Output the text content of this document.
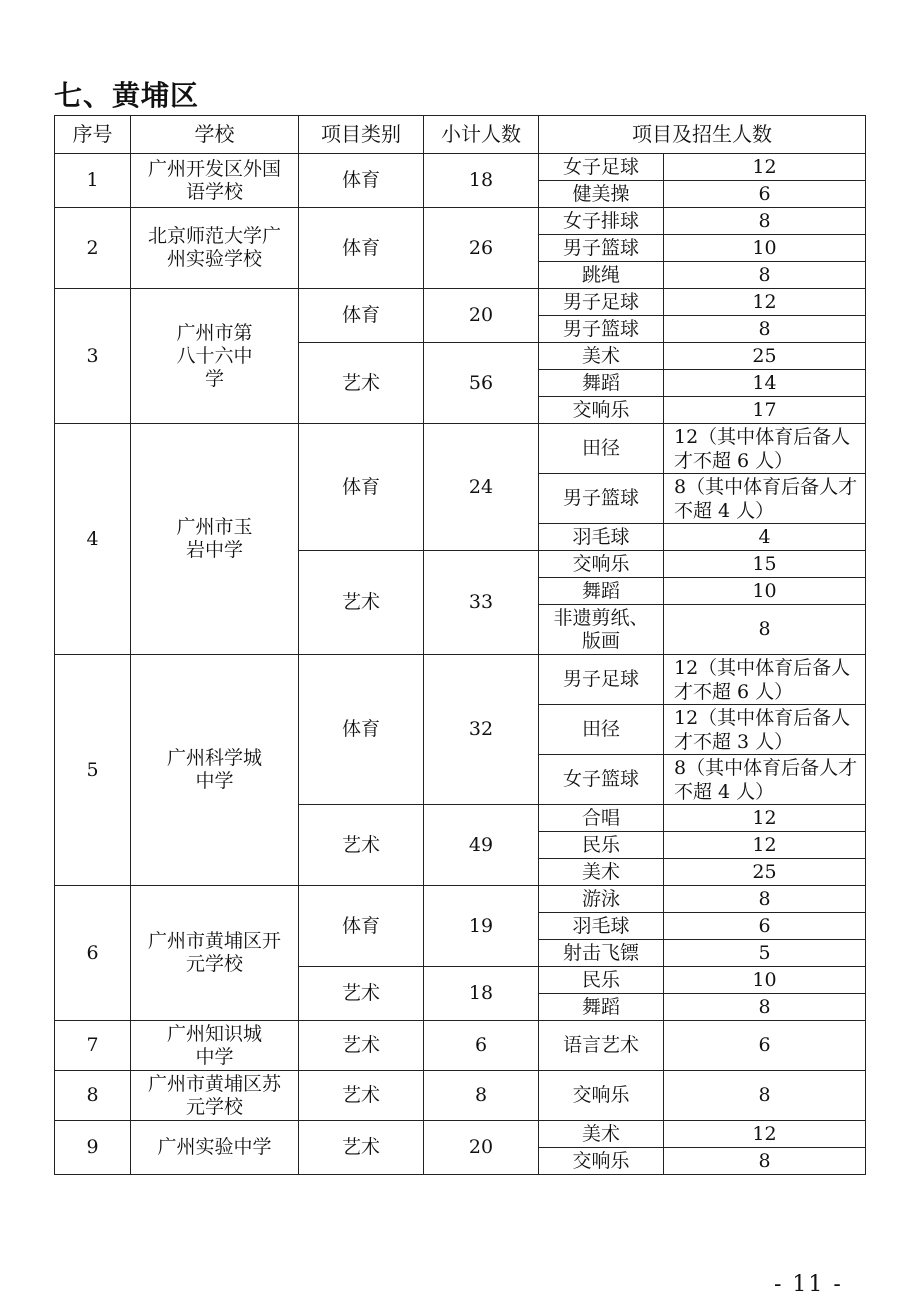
七、黄埔区
序号	学校	项目类别	小计人数	项目及招生人数	
1	广州开发区外国语学校	体育	18	女子足球	12
				健美操	6
2	北京师范大学广州实验学校	体育	26	女子排球	8
				男子篮球	10
				跳绳	8
3	广州市第八十六中学	体育	20	男子足球	12
				男子篮球	8
		艺术	56	美术	25
				舞蹈	14
				交响乐	17
4	广州市玉岩中学	体育	24	田径	12（其中体育后备人才不超 6 人）
				男子篮球	8（其中体育后备人才不超 4 人）
				羽毛球	4
		艺术	33	交响乐	15
				舞蹈	10
				非遗剪纸、版画	8
5	广州科学城中学	体育	32	男子足球	12（其中体育后备人才不超 6 人）
				田径	12（其中体育后备人才不超 3 人）
				女子篮球	8（其中体育后备人才不超 4 人）
		艺术	49	合唱	12
				民乐	12
				美术	25
6	广州市黄埔区开元学校	体育	19	游泳	8
				羽毛球	6
				射击飞镖	5
		艺术	18	民乐	10
				舞蹈	8
7	广州知识城中学	艺术	6	语言艺术	6
8	广州市黄埔区苏元学校	艺术	8	交响乐	8
9	广州实验中学	艺术	20	美术	12
				交响乐	8
- 11 -
